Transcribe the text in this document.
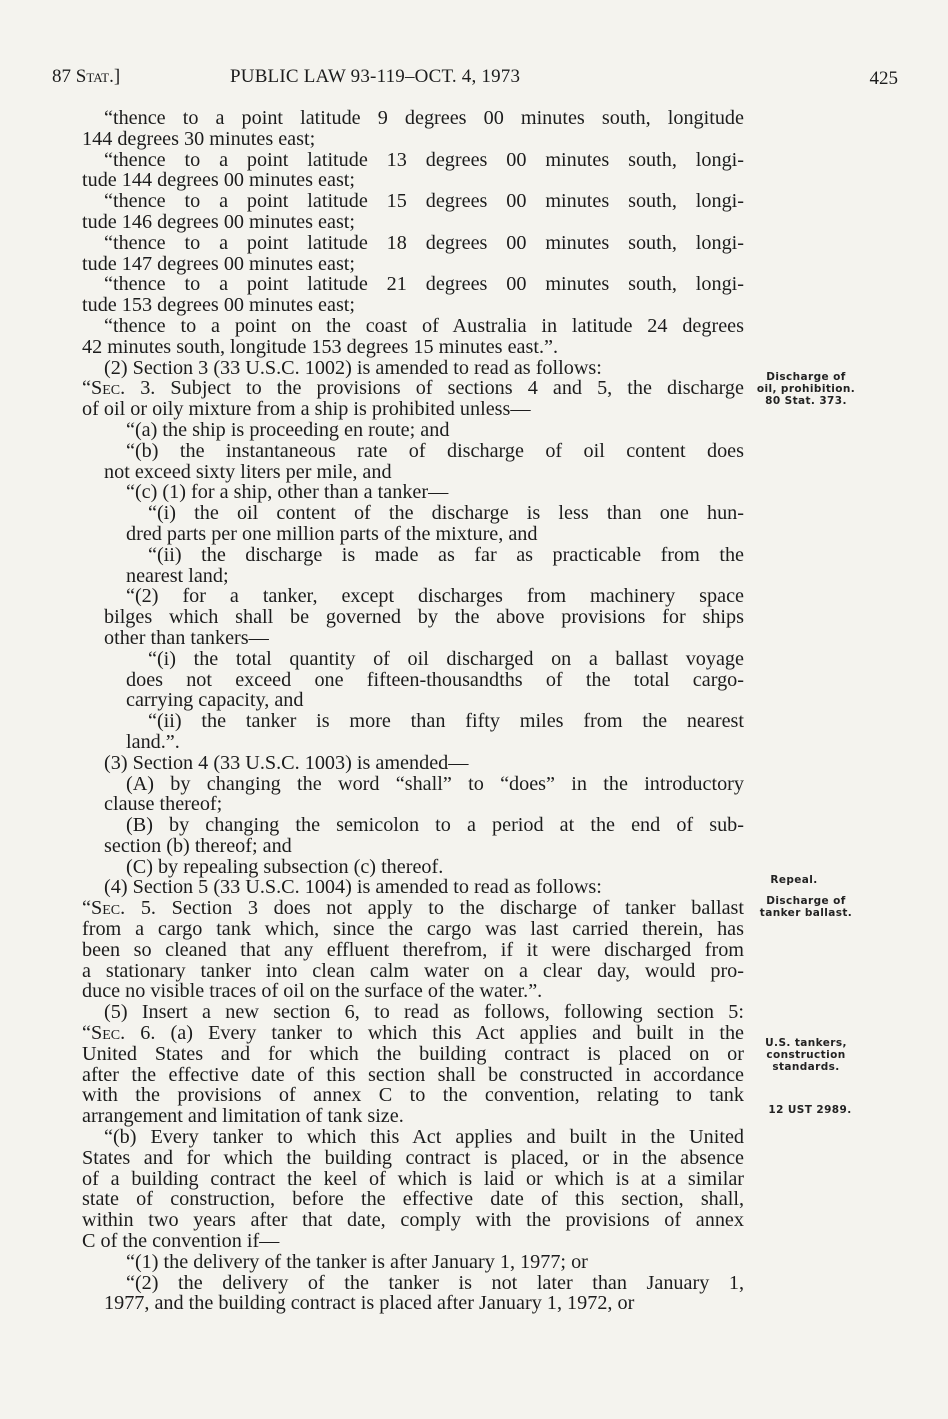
87 Stat.]	PUBLIC LAW 93-119–OCT. 4, 1973	425
“thence to a point latitude 9 degrees 00 minutes south, longitude
144 degrees 30 minutes east;
“thence to a point latitude 13 degrees 00 minutes south, longi-
tude 144 degrees 00 minutes east;
“thence to a point latitude 15 degrees 00 minutes south, longi-
tude 146 degrees 00 minutes east;
“thence to a point latitude 18 degrees 00 minutes south, longi-
tude 147 degrees 00 minutes east;
“thence to a point latitude 21 degrees 00 minutes south, longi-
tude 153 degrees 00 minutes east;
“thence to a point on the coast of Australia in latitude 24 degrees
42 minutes south, longitude 153 degrees 15 minutes east.”.
(2) Section 3 (33 U.S.C. 1002) is amended to read as follows:
“Sec. 3. Subject to the provisions of sections 4 and 5, the discharge
of oil or oily mixture from a ship is prohibited unless—
“(a) the ship is proceeding en route; and
“(b) the instantaneous rate of discharge of oil content does
not exceed sixty liters per mile, and
“(c) (1) for a ship, other than a tanker—
“(i) the oil content of the discharge is less than one hun-
dred parts per one million parts of the mixture, and
“(ii) the discharge is made as far as practicable from the
nearest land;
“(2) for a tanker, except discharges from machinery space
bilges which shall be governed by the above provisions for ships
other than tankers—
“(i) the total quantity of oil discharged on a ballast voyage
does not exceed one fifteen-thousandths of the total cargo-
carrying capacity, and
“(ii) the tanker is more than fifty miles from the nearest
land.”.
(3) Section 4 (33 U.S.C. 1003) is amended—
(A) by changing the word “shall” to “does” in the introductory
clause thereof;
(B) by changing the semicolon to a period at the end of sub-
section (b) thereof; and
(C) by repealing subsection (c) thereof.
(4) Section 5 (33 U.S.C. 1004) is amended to read as follows:
“Sec. 5. Section 3 does not apply to the discharge of tanker ballast
from a cargo tank which, since the cargo was last carried therein, has
been so cleaned that any effluent therefrom, if it were discharged from
a stationary tanker into clean calm water on a clear day, would pro-
duce no visible traces of oil on the surface of the water.”.
(5) Insert a new section 6, to read as follows, following section 5:
“Sec. 6. (a) Every tanker to which this Act applies and built in the
United States and for which the building contract is placed on or
after the effective date of this section shall be constructed in accordance
with the provisions of annex C to the convention, relating to tank
arrangement and limitation of tank size.
“(b) Every tanker to which this Act applies and built in the United
States and for which the building contract is placed, or in the absence
of a building contract the keel of which is laid or which is at a similar
state of construction, before the effective date of this section, shall,
within two years after that date, comply with the provisions of annex
C of the convention if—
“(1) the delivery of the tanker is after January 1, 1977; or
“(2) the delivery of the tanker is not later than January 1,
1977, and the building contract is placed after January 1, 1972, or
Discharge of
oil, prohibition.
80 Stat. 373.
Repeal.
Discharge of
tanker ballast.
U.S. tankers,
construction
standards.
12 UST 2989.
